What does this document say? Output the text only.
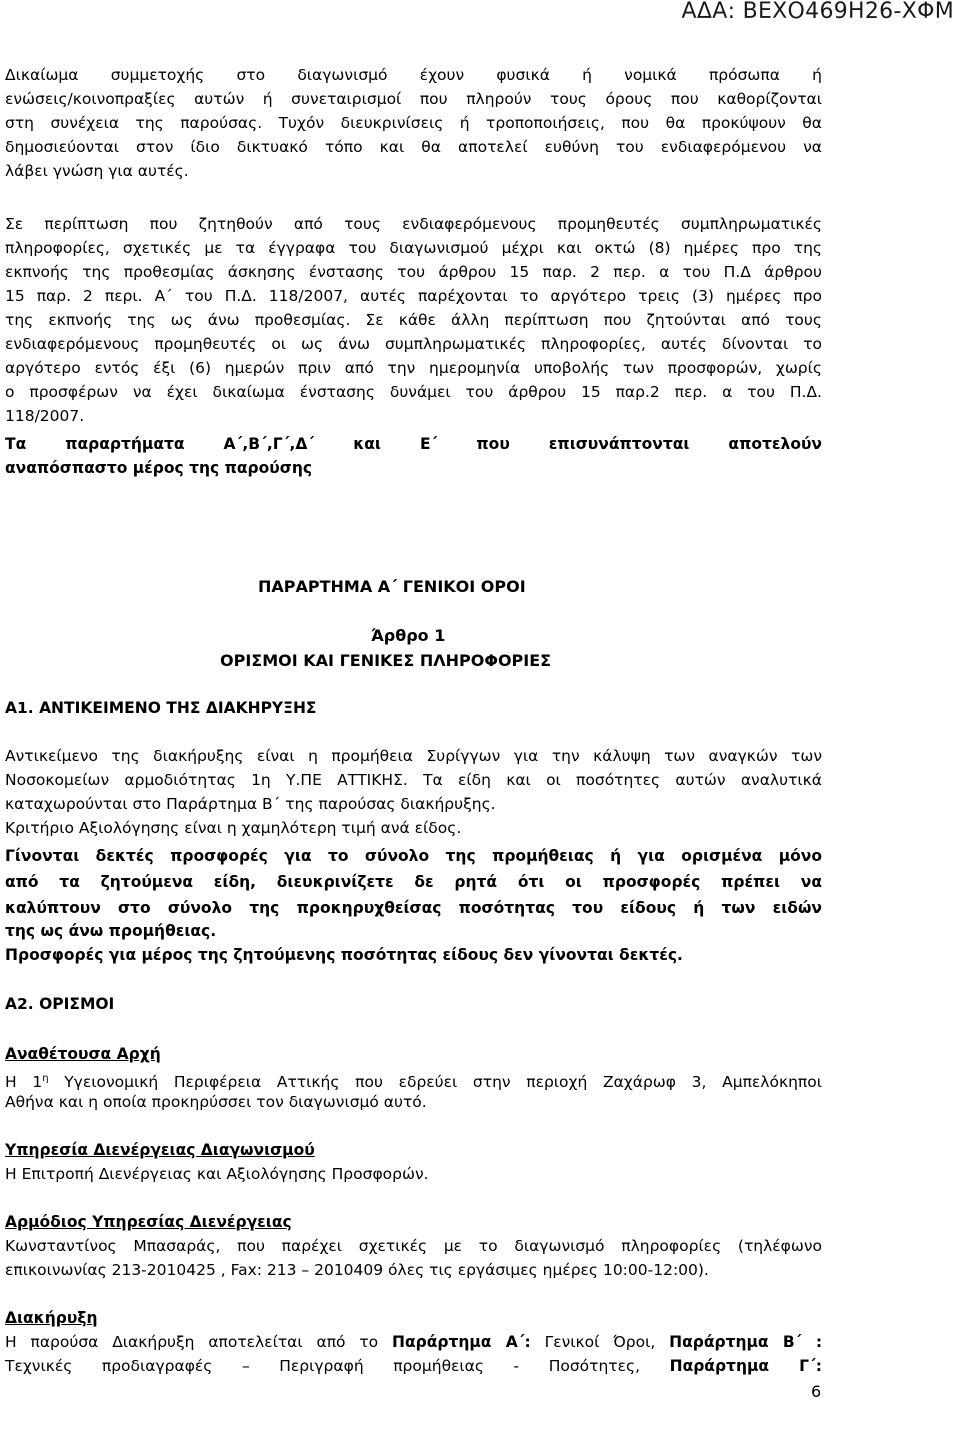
ΑΔΑ: ΒΕΧΟ469Η26-ΧΦΜ

Δικαίωμα συμμετοχής στο διαγωνισμό έχουν φυσικά ή νομικά πρόσωπα ή

ενώσεις/κοινοπραξίες αυτών ή συνεταιρισμοί που πληρούν τους όρους που καθορίζονται

στη συνέχεια της παρούσας. Τυχόν διευκρινίσεις ή τροποποιήσεις, που θα προκύψουν θα

δημοσιεύονται στον ίδιο δικτυακό τόπο και θα αποτελεί ευθύνη του ενδιαφερόμενου να

λάβει γνώση για αυτές.

Σε περίπτωση που ζητηθούν από τους ενδιαφερόμενους προμηθευτές συμπληρωματικές

πληροφορίες, σχετικές με τα έγγραφα του διαγωνισμού μέχρι και οκτώ (8) ημέρες προ της

εκπνοής της προθεσμίας άσκησης ένστασης του άρθρου 15 παρ. 2 περ. α του Π.Δ άρθρου

15 παρ. 2 περι. Α΄ του Π.Δ. 118/2007, αυτές παρέχονται το αργότερο τρεις (3) ημέρες προ

της εκπνοής της ως άνω προθεσμίας. Σε κάθε άλλη περίπτωση που ζητούνται από τους

ενδιαφερόμενους προμηθευτές οι ως άνω συμπληρωματικές πληροφορίες, αυτές δίνονται το

αργότερο εντός έξι (6) ημερών πριν από την ημερομηνία υποβολής των προσφορών, χωρίς

ο προσφέρων να έχει δικαίωμα ένστασης δυνάμει του άρθρου 15 παρ.2 περ. α του Π.Δ.

118/2007.

Τα παραρτήματα Α΄,Β΄,Γ΄,Δ΄ και Ε΄ που επισυνάπτονται αποτελούν

αναπόσπαστο μέρος της παρούσης

ΠΑΡΑΡΤΗΜΑ Α΄ ΓΕΝΙΚΟΙ ΟΡΟΙ
Άρθρο 1
ΟΡΙΣΜΟΙ ΚΑΙ ΓΕΝΙΚΕΣ ΠΛΗΡΟΦΟΡΙΕΣ

Α1. ΑΝΤΙΚΕΙΜΕΝΟ ΤΗΣ ΔΙΑΚΗΡΥΞΗΣ

Αντικείμενο της διακήρυξης είναι η προμήθεια Συρίγγων για την κάλυψη των αναγκών των

Νοσοκομείων αρμοδιότητας 1η Υ.ΠΕ ΑΤΤΙΚΗΣ. Τα είδη και οι ποσότητες αυτών αναλυτικά

καταχωρούνται στο Παράρτημα Β΄ της παρούσας διακήρυξης.

Κριτήριο Αξιολόγησης είναι η χαμηλότερη τιμή ανά είδος.

Γίνονται δεκτές προσφορές για το σύνολο της προμήθειας ή για ορισμένα μόνο

από τα ζητούμενα είδη, διευκρινίζετε δε ρητά ότι οι προσφορές πρέπει να

καλύπτουν στο σύνολο της προκηρυχθείσας ποσότητας του είδους ή των ειδών

της ως άνω προμήθειας.

Προσφορές για μέρος της ζητούμενης ποσότητας είδους δεν γίνονται δεκτές.

Α2. ΟΡΙΣΜΟΙ

Αναθέτουσα Αρχή

Η $1^\eta$ Υγειονομική Περιφέρεια Αττικής που εδρεύει στην περιοχή Ζαχάρωφ 3, Αμπελόκηποι

Αθήνα και η οποία προκηρύσσει τον διαγωνισμό αυτό.

Υπηρεσία Διενέργειας Διαγωνισμού

Η Επιτροπή Διενέργειας και Αξιολόγησης Προσφορών.

Αρμόδιος Υπηρεσίας Διενέργειας

Κωνσταντίνος Μπασαράς, που παρέχει σχετικές με το διαγωνισμό πληροφορίες (τηλέφωνο

επικοινωνίας 213-2010425 , Fax: 213 – 2010409 όλες τις εργάσιμες ημέρες 10:00-12:00).

Διακήρυξη

Η παρούσα Διακήρυξη αποτελείται από το Παράρτημα Α΄: Γενικοί Όροι, Παράρτημα Β΄ :

Τεχνικές προδιαγραφές – Περιγραφή προμήθειας - Ποσότητες, Παράρτημα Γ΄:

6
